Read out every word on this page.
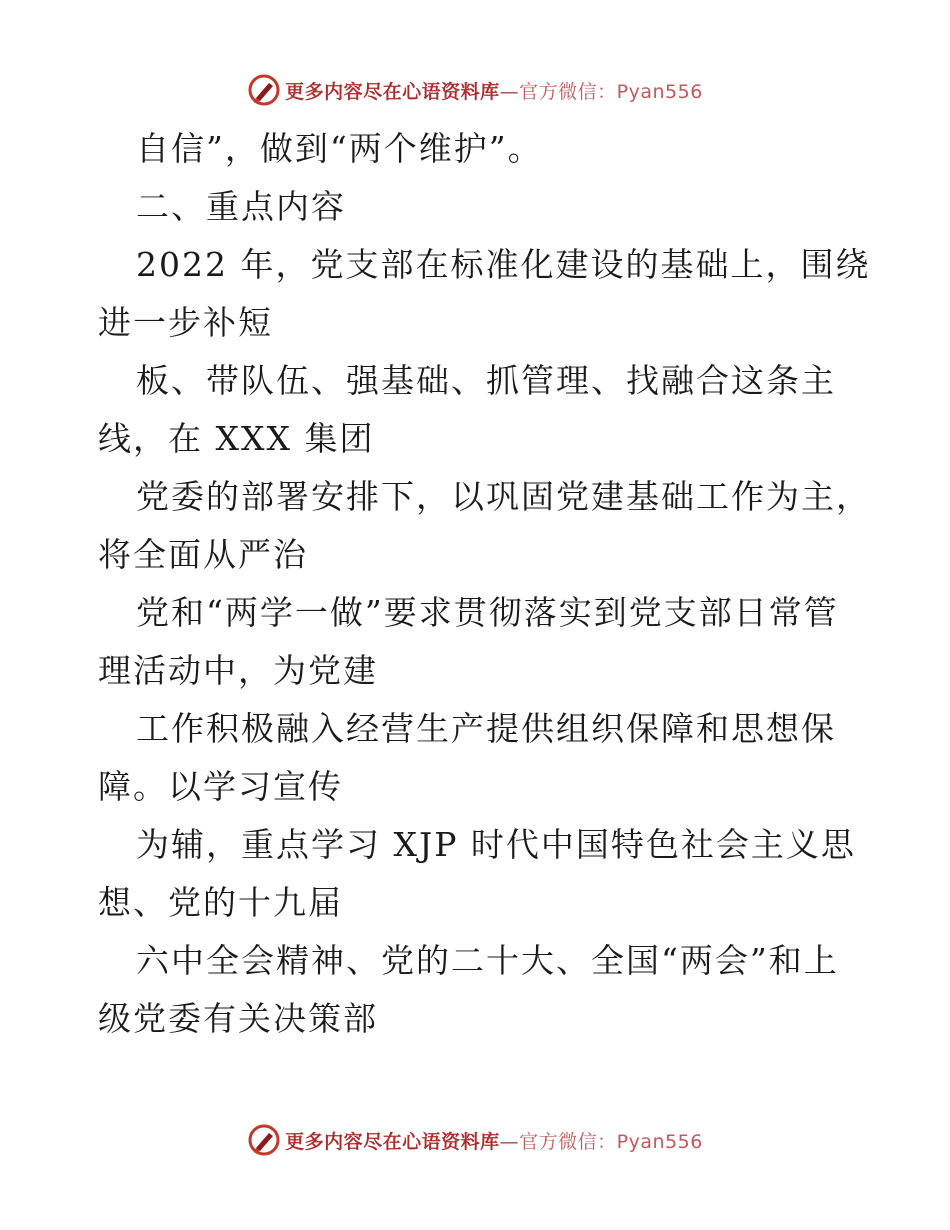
更多内容尽在心语资料库—官方微信：Pyan556
自信”，做到“两个维护”。
二、重点内容
2022 年，党支部在标准化建设的基础上，围绕
进一步补短
板、带队伍、强基础、抓管理、找融合这条主
线，在 XXX 集团
党委的部署安排下，以巩固党建基础工作为主，
将全面从严治
党和“两学一做”要求贯彻落实到党支部日常管
理活动中，为党建
工作积极融入经营生产提供组织保障和思想保
障。以学习宣传
为辅，重点学习 XJP 时代中国特色社会主义思
想、党的十九届
六中全会精神、党的二十大、全国“两会”和上
级党委有关决策部
更多内容尽在心语资料库—官方微信：Pyan556
